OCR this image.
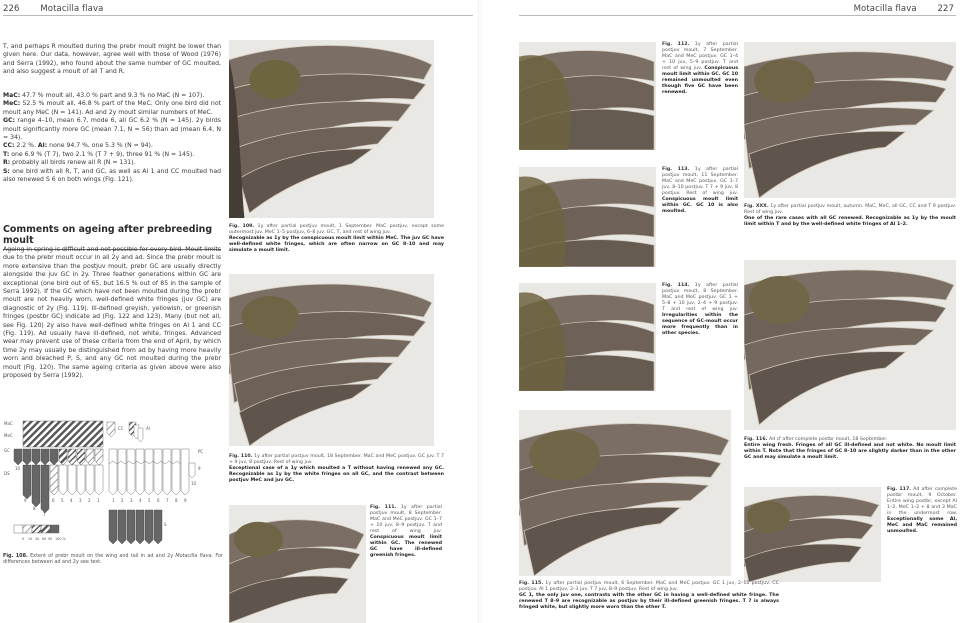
226 Motacilla flava

T, and perhaps R moulted during the prebr moult might be lower than given here. Our data, however, agree well with those of Wood (1976) and Serra (1992), who found about the same number of GC moulted, and also suggest a moult of all T and R.

MaC: 47.7 % moult all, 43.0 % part and 9.3 % no MaC (N = 107).

MeC: 52.5 % moult all, 46.8 % part of the MeC. Only one bird did not moult any MeC (N = 141). Ad and 2y moult similar numbers of MeC.

GC: range 4–10, mean 6.7, mode 6, all GC 6.2 % (N = 145). 2y birds moult significantly more GC (mean 7.1, N = 56) than ad (mean 6.4, N = 34).

CC: 2.2 %. Al: none 94.7 %, one 5.3 % (N = 94).

T: one 6.9 % (T 7), two 2.1 % (T 7 + 9), three 91 % (N = 145).

R: probably all birds renew all R (N = 131).

S: one bird with all R, T, and GC, as well as Al 1 and CC moulted had also renewed S 6 on both wings (Fig. 121).

Comments on ageing after prebreeding moult

Ageing in spring is difficult and not possible for every bird. Moult limits due to the prebr moult occur in all 2y and ad. Since the prebr moult is more extensive than the postjuv moult, prebr GC are usually directly alongside the juv GC in 2y. Three feather generations within GC are exceptional (one bird out of 65, but 16.5 % out of 85 in the sample of Serra 1992). If the GC which have not been moulted during the prebr moult are not heavily worn, well-defined white fringes (juv GC) are diagnostic of 2y (Fig. 119). Ill-defined greyish, yellowish, or greenish fringes (postbr GC) indicate ad (Fig. 122 and 123). Many (but not all, see Fig. 120) 2y also have well-defined white fringes on Al 1 and CC (Fig. 119). Ad usually have ill-defined, not white, fringes. Advanced wear may prevent use of these criteria from the end of April, by which time 2y may usually be distinguished from ad by having more heavily worn and bleached P, S, and any GC not moulted during the prebr moult (Fig. 120). The same ageing criteria as given above were also proposed by Serra (1992).

MaC
MeC
GC
DS
CC	Al
10
9
8
7
6 5 4 3 2 1
PC
9
10
1 2 3 4 5 6 7 8 9
S
0 10 30 60 90 100 %

Fig. 108. Extent of prebr moult on the wing and tail in ad and 2y Motacilla flava. For differences between ad and 2y see text.

Fig. 109. 1y after partial postjuv moult, 1 September. MaC postjuv, except some outermost juv. MeC 1–5 postjuv, 6–8 juv. GC, T, and rest of wing juv.
Recognizable as 1y by the conspicuous moult limit within MeC. The juv GC have well-defined white fringes, which are often narrow on GC 8–10 and may simulate a moult limit.

Fig. 110. 1y after partial postjuv moult, 18 September. MaC and MeC postjuv. GC juv. T 7 + 9 juv, 8 postjuv. Rest of wing juv.
Exceptional case of a 1y which moulted a T without having renewed any GC. Recognizable as 1y by the white fringes on all GC, and the contrast between postjuv MeC and juv GC.

Fig. 111. 1y after partial postjuv moult, 8 September. MaC and MeC postjuv. GC 1–7 + 10 juv, 8–9 postjuv. T and rest of wing juv. Conspicuous moult limit within GC. The renewed GC have ill-defined greenish fringes.

Motacilla flava 227

Fig. 112. 1y after partial postjuv moult, 7 September. MaC and MeC postjuv. GC 1–4 + 10 juv, 5–9 postjuv. T and rest of wing juv. Conspicuous moult limit within GC. GC 10 remained unmoulted even though five GC have been renewed.

Fig. 113. 1y after partial postjuv moult, 11 September. MaC and MeC postjuv. GC 1–7 juv, 8–10 postjuv. T 7 + 9 juv, 8 postjuv. Rest of wing juv. Conspicuous moult limit within GC. GC 10 is also moulted.

Fig. 114. 1y after partial postjuv moult, 8 September. MaC and MeC postjuv. GC 1 + 5–8 + 10 juv, 2–4 + 9 postjuv. T and rest of wing juv. Irregularities within the sequence of GC-moult occur more frequently than in other species.

Fig. XXX. 1y after partial postjuv moult, autumn. MaC, MeC, all GC, CC and T 9 postjuv. Rest of wing juv.
One of the rare cases with all GC renewed. Recognizable as 1y by the moult limit within T and by the well-defined white fringes of Al 1–2.

Fig. 116. Ad ♂ after complete postbr moult, 18 September.
Entire wing fresh. Fringes of all GC ill-defined and not white. No moult limit within T. Note that the fringes of GC 8–10 are slightly darker than in the other GC and may simulate a moult limit.

Fig. 117. Ad after complete postbr moult, 9 October. Entire wing postbr, except Al 1–2, MeC 1–2 + 8 and 3 MaC in the undermost row. Exceptionally some Al, MeC and MaC remained unmoulted.

Fig. 115. 1y after partial postjuv moult, 6 September. MaC and MeC postjuv. GC 1 juv, 2–10 postjuv. CC postjuv. Al 1 postjuv, 2–3 juv. T 7 juv, 8–9 postjuv. Rest of wing juv.
GC 1, the only juv one, contrasts with the other GC in having a well-defined white fringe. The renewed T 8–9 are recognizable as postjuv by their ill-defined greenish fringes. T 7 is always fringed white, but slightly more worn than the other T.
